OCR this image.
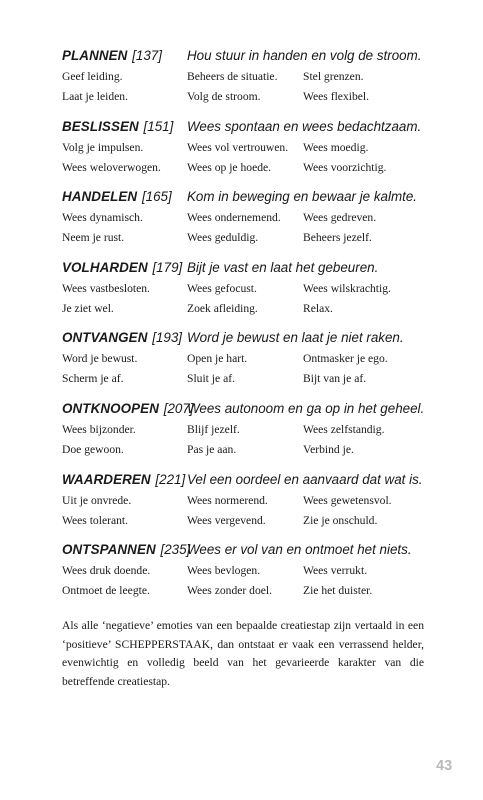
PLANNEN [137] Hou stuur in handen en volg de stroom.
Geef leiding.	Beheers de situatie. Stel grenzen.
Laat je leiden.	Volg de stroom.	Wees flexibel.
BESLISSEN [151] Wees spontaan en wees bedachtzaam.
Volg je impulsen.	Wees vol vertrouwen. Wees moedig.
Wees weloverwogen. Wees op je hoede.	Wees voorzichtig.
HANDELEN [165] Kom in beweging en bewaar je kalmte.
Wees dynamisch.	Wees ondernemend. Wees gedreven.
Neem je rust.	Wees geduldig.	Beheers jezelf.
VOLHARDEN [179] Bijt je vast en laat het gebeuren.
Wees vastbesloten.	Wees gefocust.	Wees wilskrachtig.
Je ziet wel.	Zoek afleiding.	Relax.
ONTVANGEN [193] Word je bewust en laat je niet raken.
Word je bewust.	Open je hart.	Ontmasker je ego.
Scherm je af.	Sluit je af.	Bijt van je af.
ONTKNOOPEN [207]
Wees autonoom en ga op in het geheel.
Wees bijzonder.	Blijf jezelf.	Wees zelfstandig.
Doe gewoon.	Pas je aan.	Verbind je.
WAARDEREN [221] Vel een oordeel en aanvaard dat wat is.
Uit je onvrede.	Wees normerend.	Wees gewetensvol.
Wees tolerant.	Wees vergevend.	Zie je onschuld.
ONTSPANNEN [235]
Wees er vol van en ontmoet het niets.
Wees druk doende.	Wees bevlogen.	Wees verrukt.
Ontmoet de leegte.	Wees zonder doel.	Zie het duister.

Als alle ‘negatieve’ emoties van een bepaalde creatiestap zijn vertaald in een ‘positieve’ SCHEPPERSTAAK, dan ontstaat er vaak een verrassend helder, evenwichtig en volledig beeld van het gevarieerde karakter van die betreffende creatiestap.

43
